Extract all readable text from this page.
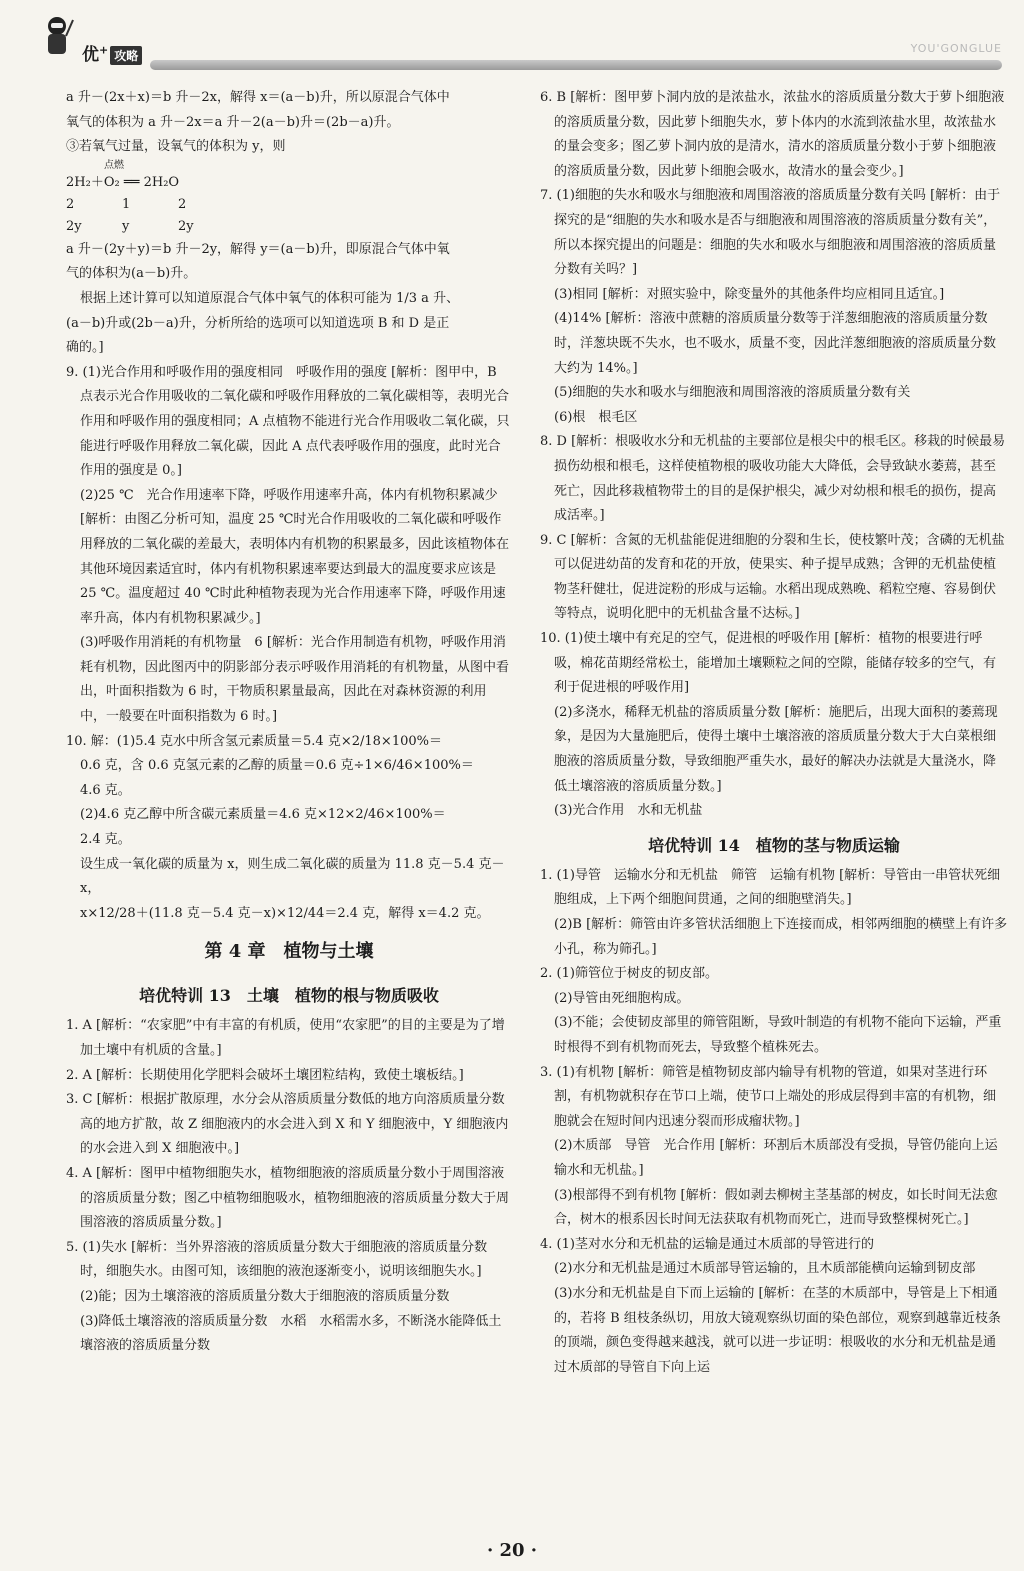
优+ 攻略
YOU'GONGLUE

a 升－(2x＋x)＝b 升－2x，解得 x＝(a－b)升，所以原混合气体中

氧气的体积为 a 升－2x＝a 升－2(a－b)升＝(2b－a)升。

③若氧气过量，设氧气的体积为 y，则

点燃
2H₂＋O₂ ══ 2H₂O
2	1	2
2y	y	2y

a 升－(2y＋y)＝b 升－2y，解得 y＝(a－b)升，即原混合气体中氧

气的体积为(a－b)升。

根据上述计算可以知道原混合气体中氧气的体积可能为 1/3 a 升、

(a－b)升或(2b－a)升，分析所给的选项可以知道选项 B 和 D 是正

确的。]

9. (1)光合作用和呼吸作用的强度相同　呼吸作用的强度 [解析：图甲中，B 点表示光合作用吸收的二氧化碳和呼吸作用释放的二氧化碳相等，表明光合作用和呼吸作用的强度相同；A 点植物不能进行光合作用吸收二氧化碳，只能进行呼吸作用释放二氧化碳，因此 A 点代表呼吸作用的强度，此时光合作用的强度是 0。]

(2)25 ℃　光合作用速率下降，呼吸作用速率升高，体内有机物积累减少 [解析：由图乙分析可知，温度 25 ℃时光合作用吸收的二氧化碳和呼吸作用释放的二氧化碳的差最大，表明体内有机物的积累最多，因此该植物体在其他环境因素适宜时，体内有机物积累速率要达到最大的温度要求应该是 25 ℃。温度超过 40 ℃时此种植物表现为光合作用速率下降，呼吸作用速率升高，体内有机物积累减少。]

(3)呼吸作用消耗的有机物量　6 [解析：光合作用制造有机物，呼吸作用消耗有机物，因此图丙中的阴影部分表示呼吸作用消耗的有机物量，从图中看出，叶面积指数为 6 时，干物质积累量最高，因此在对森林资源的利用中，一般要在叶面积指数为 6 时。]

10. 解：(1)5.4 克水中所含氢元素质量＝5.4 克×2/18×100%＝

0.6 克，含 0.6 克氢元素的乙醇的质量＝0.6 克÷1×6/46×100%＝

4.6 克。

(2)4.6 克乙醇中所含碳元素质量＝4.6 克×12×2/46×100%＝

2.4 克。

设生成一氧化碳的质量为 x，则生成二氧化碳的质量为 11.8 克－5.4 克－x，

x×12/28＋(11.8 克－5.4 克－x)×12/44＝2.4 克，解得 x＝4.2 克。

第 4 章　植物与土壤

培优特训 13　土壤　植物的根与物质吸收

1. A [解析：“农家肥”中有丰富的有机质，使用“农家肥”的目的主要是为了增加土壤中有机质的含量。]

2. A [解析：长期使用化学肥料会破坏土壤团粒结构，致使土壤板结。]

3. C [解析：根据扩散原理，水分会从溶质质量分数低的地方向溶质质量分数高的地方扩散，故 Z 细胞液内的水会进入到 X 和 Y 细胞液中，Y 细胞液内的水会进入到 X 细胞液中。]

4. A [解析：图甲中植物细胞失水，植物细胞液的溶质质量分数小于周围溶液的溶质质量分数；图乙中植物细胞吸水，植物细胞液的溶质质量分数大于周围溶液的溶质质量分数。]

5. (1)失水 [解析：当外界溶液的溶质质量分数大于细胞液的溶质质量分数时，细胞失水。由图可知，该细胞的液泡逐渐变小，说明该细胞失水。]

(2)能；因为土壤溶液的溶质质量分数大于细胞液的溶质质量分数

(3)降低土壤溶液的溶质质量分数　水稻　水稻需水多，不断浇水能降低土壤溶液的溶质质量分数

6. B [解析：图甲萝卜洞内放的是浓盐水，浓盐水的溶质质量分数大于萝卜细胞液的溶质质量分数，因此萝卜细胞失水，萝卜体内的水流到浓盐水里，故浓盐水的量会变多；图乙萝卜洞内放的是清水，清水的溶质质量分数小于萝卜细胞液的溶质质量分数，因此萝卜细胞会吸水，故清水的量会变少。]

7. (1)细胞的失水和吸水与细胞液和周围溶液的溶质质量分数有关吗 [解析：由于探究的是“细胞的失水和吸水是否与细胞液和周围溶液的溶质质量分数有关”，所以本探究提出的问题是：细胞的失水和吸水与细胞液和周围溶液的溶质质量分数有关吗？]

(3)相同 [解析：对照实验中，除变量外的其他条件均应相同且适宜。]

(4)14% [解析：溶液中蔗糖的溶质质量分数等于洋葱细胞液的溶质质量分数时，洋葱块既不失水，也不吸水，质量不变，因此洋葱细胞液的溶质质量分数大约为 14%。]

(5)细胞的失水和吸水与细胞液和周围溶液的溶质质量分数有关

(6)根　根毛区

8. D [解析：根吸收水分和无机盐的主要部位是根尖中的根毛区。移栽的时候最易损伤幼根和根毛，这样使植物根的吸收功能大大降低，会导致缺水萎蔫，甚至死亡，因此移栽植物带土的目的是保护根尖，减少对幼根和根毛的损伤，提高成活率。]

9. C [解析：含氮的无机盐能促进细胞的分裂和生长，使枝繁叶茂；含磷的无机盐可以促进幼苗的发育和花的开放，使果实、种子提早成熟；含钾的无机盐使植物茎秆健壮，促进淀粉的形成与运输。水稻出现成熟晚、稻粒空瘪、容易倒伏等特点，说明化肥中的无机盐含量不达标。]

10. (1)使土壤中有充足的空气，促进根的呼吸作用 [解析：植物的根要进行呼吸，棉花苗期经常松土，能增加土壤颗粒之间的空隙，能储存较多的空气，有利于促进根的呼吸作用]

(2)多浇水，稀释无机盐的溶质质量分数 [解析：施肥后，出现大面积的萎蔫现象，是因为大量施肥后，使得土壤中土壤溶液的溶质质量分数大于大白菜根细胞液的溶质质量分数，导致细胞严重失水，最好的解决办法就是大量浇水，降低土壤溶液的溶质质量分数。]

(3)光合作用　水和无机盐

培优特训 14　植物的茎与物质运输

1. (1)导管　运输水分和无机盐　筛管　运输有机物 [解析：导管由一串管状死细胞组成，上下两个细胞间贯通，之间的细胞壁消失。]

(2)B [解析：筛管由许多管状活细胞上下连接而成，相邻两细胞的横壁上有许多小孔，称为筛孔。]

2. (1)筛管位于树皮的韧皮部。

(2)导管由死细胞构成。

(3)不能；会使韧皮部里的筛管阻断，导致叶制造的有机物不能向下运输，严重时根得不到有机物而死去，导致整个植株死去。

3. (1)有机物 [解析：筛管是植物韧皮部内输导有机物的管道，如果对茎进行环割，有机物就积存在节口上端，使节口上端处的形成层得到丰富的有机物，细胞就会在短时间内迅速分裂而形成瘤状物。]

(2)木质部　导管　光合作用 [解析：环割后木质部没有受损，导管仍能向上运输水和无机盐。]

(3)根部得不到有机物 [解析：假如剥去柳树主茎基部的树皮，如长时间无法愈合，树木的根系因长时间无法获取有机物而死亡，进而导致整棵树死亡。]

4. (1)茎对水分和无机盐的运输是通过木质部的导管进行的

(2)水分和无机盐是通过木质部导管运输的，且木质部能横向运输到韧皮部

(3)水分和无机盐是自下而上运输的 [解析：在茎的木质部中，导管是上下相通的，若将 B 组枝条纵切，用放大镜观察纵切面的染色部位，观察到越靠近枝条的顶端，颜色变得越来越浅，就可以进一步证明：根吸收的水分和无机盐是通过木质部的导管自下向上运

· 20 ·
